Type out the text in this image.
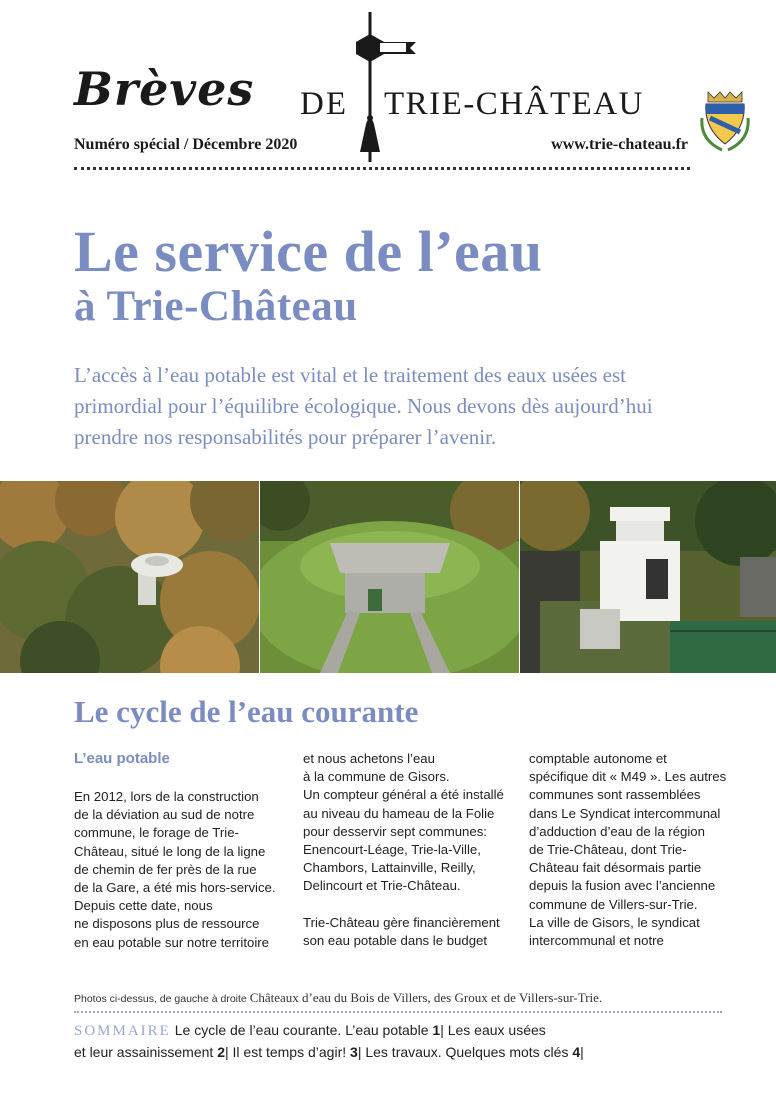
Brèves DE TRIE-CHÂTEAU
Numéro spécial / Décembre 2020	www.trie-chateau.fr
Le service de l’eau
à Trie-Château

L’accès à l’eau potable est vital et le traitement des eaux usées est primordial pour l’équilibre écologique. Nous devons dès aujourd’hui prendre nos responsabilités pour préparer l’avenir.

Le cycle de l’eau courante
L’eau potable

En 2012, lors de la construction
de la déviation au sud de notre
commune, le forage de Trie-
Château, situé le long de la ligne
de chemin de fer près de la rue
de la Gare, a été mis hors-service.

Depuis cette date, nous
ne disposons plus de ressource
en eau potable sur notre territoire

et nous achetons l’eau
à la commune de Gisors.
Un compteur général a été installé
au niveau du hameau de la Folie
pour desservir sept communes:
Enencourt-Léage, Trie-la-Ville,
Chambors, Lattainville, Reilly,
Delincourt et Trie-Château.

Trie-Château gère financièrement
son eau potable dans le budget

comptable autonome et
spécifique dit « M49 ». Les autres
communes sont rassemblées
dans Le Syndicat intercommunal
d’adduction d’eau de la région
de Trie-Château, dont Trie-
Château fait désormais partie
depuis la fusion avec l’ancienne
commune de Villers-sur-Trie.

La ville de Gisors, le syndicat
intercommunal et notre

Photos ci-dessus, de gauche à droite Châteaux d’eau du Bois de Villers, des Groux et de Villers-sur-Trie.
SOMMAIRE Le cycle de l’eau courante. L’eau potable 1| Les eaux usées
et leur assainissement 2| Il est temps d’agir! 3| Les travaux. Quelques mots clés 4|
